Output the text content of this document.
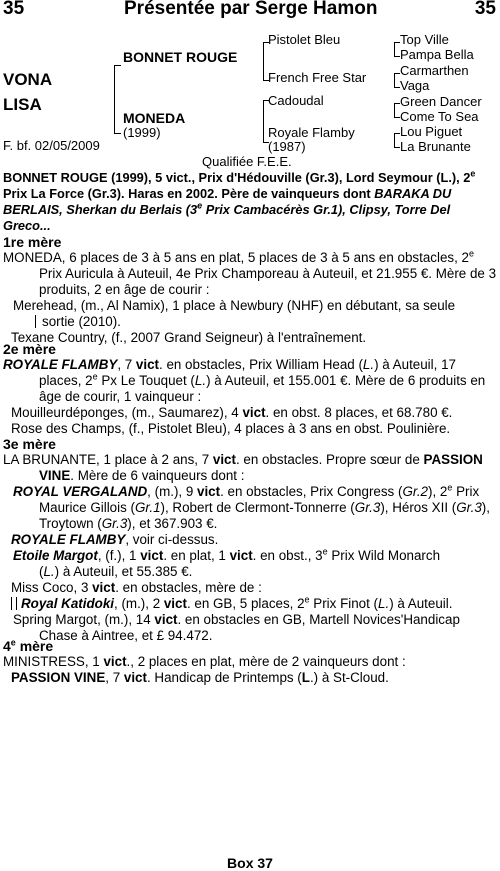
35	Présentée par Serge Hamon	35
VONA
LISA
F. bf. 02/05/2009
BONNET ROUGE
MONEDA
(1999)
Pistolet Bleu
French Free Star
Cadoudal
Royale Flamby
(1987)
Top Ville
Pampa Bella
Carmarthen
Vaga
Green Dancer
Come To Sea
Lou Piguet
La Brunante
Qualifiée F.E.E.
BONNET ROUGE (1999), 5 vict., Prix d'Hédouville (Gr.3), Lord Seymour (L.), 2e Prix La Force (Gr.3). Haras en 2002. Père de vainqueurs dont BARAKA DU BERLAIS, Sherkan du Berlais (3e Prix Cambacérès Gr.1), Clipsy, Torre Del Greco...
1re mère
MONEDA, 6 places de 3 à 5 ans en plat, 5 places de 3 à 5 ans en obstacles, 2e Prix Auricula à Auteuil, 4e Prix Champoreau à Auteuil, et 21.955 €. Mère de 3 produits, 2 en âge de courir :
Merehead, (m., Al Namix), 1 place à Newbury (NHF) en débutant, sa seule
sortie (2010).
Texane Country, (f., 2007 Grand Seigneur) à l'entraînement.
2e mère
ROYALE FLAMBY, 7 vict. en obstacles, Prix William Head (L.) à Auteuil, 17 places, 2e Px Le Touquet (L.) à Auteuil, et 155.001 €. Mère de 6 produits en âge de courir, 1 vainqueur :
Mouilleurdéponges, (m., Saumarez), 4 vict. en obst. 8 places, et 68.780 €.
Rose des Champs, (f., Pistolet Bleu), 4 places à 3 ans en obst. Poulinière.
3e mère
LA BRUNANTE, 1 place à 2 ans, 7 vict. en obstacles. Propre sœur de PASSION VINE. Mère de 6 vainqueurs dont :
ROYAL VERGALAND, (m.), 9 vict. en obstacles, Prix Congress (Gr.2), 2e Prix Maurice Gillois (Gr.1), Robert de Clermont-Tonnerre (Gr.3), Héros XII (Gr.3), Troytown (Gr.3), et 367.903 €.
ROYALE FLAMBY, voir ci-dessus.
Etoile Margot, (f.), 1 vict. en plat, 1 vict. en obst., 3e Prix Wild Monarch
(L.) à Auteuil, et 55.385 €.
Miss Coco, 3 vict. en obstacles, mère de :
Royal Katidoki, (m.), 2 vict. en GB, 5 places, 2e Prix Finot (L.) à Auteuil.
Spring Margot, (m.), 14 vict. en obstacles en GB, Martell Novices'Handicap Chase à Aintree, et £ 94.472.
4e mère
MINISTRESS, 1 vict., 2 places en plat, mère de 2 vainqueurs dont :
PASSION VINE, 7 vict. Handicap de Printemps (L.) à St-Cloud.
Box 37
